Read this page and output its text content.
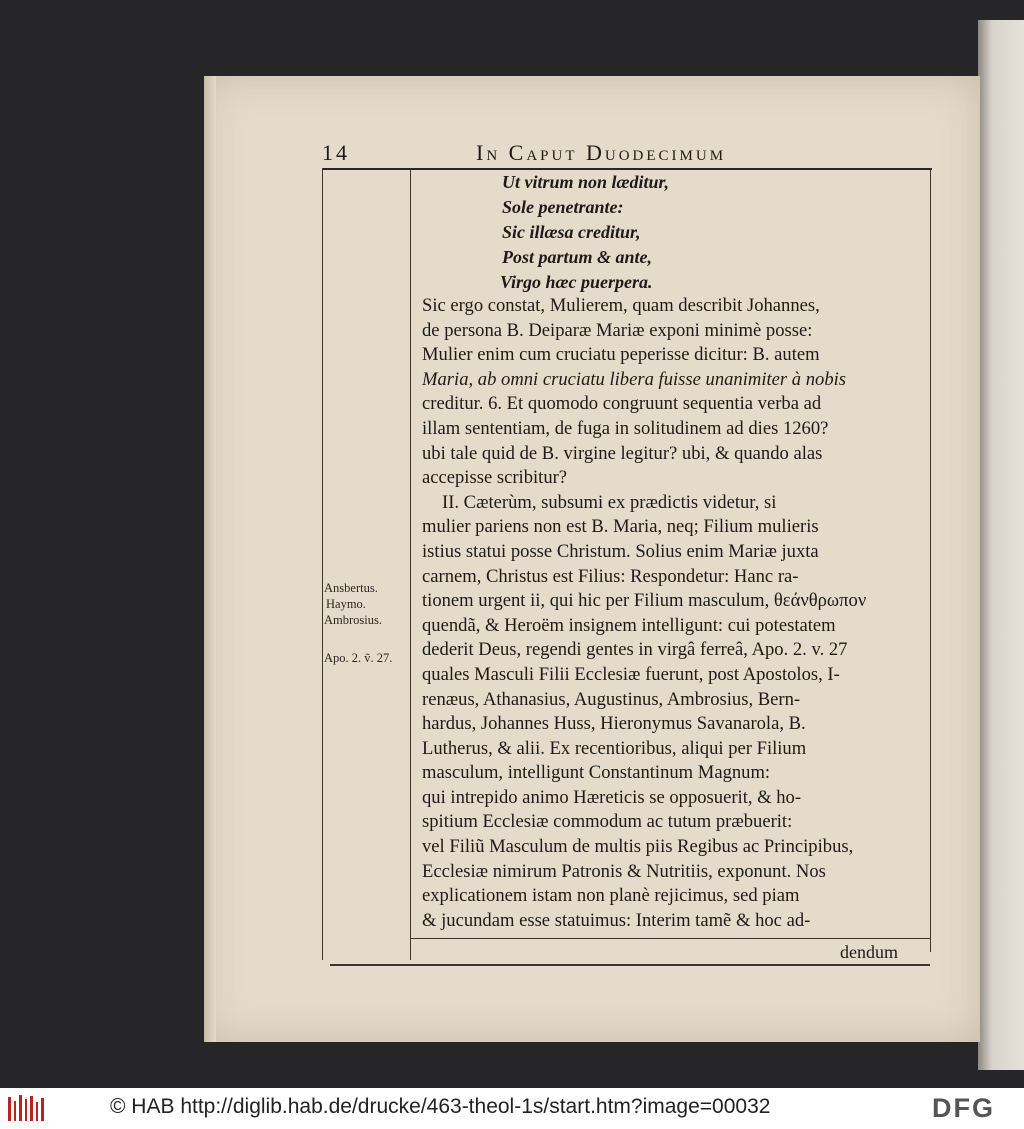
14	In Caput Duodecimum
Ut vitrum non læditur,
Sole penetrante:
Sic illæsa creditur,
Post partum & ante,
Virgo hæc puerpera.
Sic ergo constat, Mulierem, quam describit Johannes,
de persona B. Deiparæ Mariæ exponi minimè posse:
Mulier enim cum cruciatu peperisse dicitur: B. autem
Maria, ab omni cruciatu libera fuisse unanimiter à nobis
creditur. 6. Et quomodo congruunt sequentia verba ad
illam sententiam, de fuga in solitudinem ad dies 1260?
ubi tale quid de B. virgine legitur? ubi, & quando alas
accepisse scribitur?
II. Cæterùm, subsumi ex prædictis videtur, si
mulier pariens non est B. Maria, neq; Filium mulieris
istius statui posse Christum. Solius enim Mariæ juxta
carnem, Christus est Filius: Respondetur: Hanc ra-
tionem urgent ii, qui hic per Filium masculum, θεάνθρωπον
quendã, & Heroëm insignem intelligunt: cui potestatem
dederit Deus, regendi gentes in virgâ ferreâ, Apo. 2. v. 27
quales Masculi Filii Ecclesiæ fuerunt, post Apostolos, I-
renæus, Athanasius, Augustinus, Ambrosius, Bern-
hardus, Johannes Huss, Hieronymus Savanarola, B.
Lutherus, & alii. Ex recentioribus, aliqui per Filium
masculum, intelligunt Constantinum Magnum:
qui intrepido animo Hæreticis se opposuerit, & ho-
spitium Ecclesiæ commodum ac tutum præbuerit:
vel Filiũ Masculum de multis piis Regibus ac Principibus,
Ecclesiæ nimirum Patronis & Nutritiis, exponunt. Nos
explicationem istam non planè rejicimus, sed piam
& jucundam esse statuimus: Interim tamẽ & hoc ad-
Ansbertus.
Haymo.
Ambrosius.
Apo. 2. ṽ. 27.
dendum
© HAB http://diglib.hab.de/drucke/463-theol-1s/start.htm?image=00032	DFG
